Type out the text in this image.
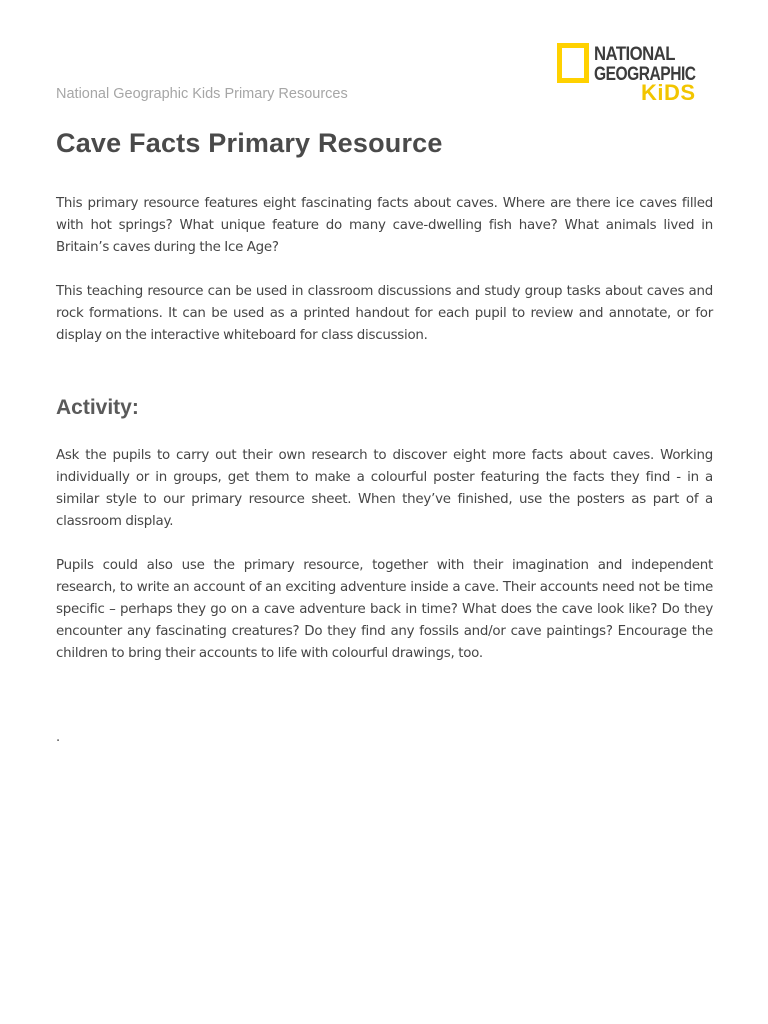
National Geographic Kids Primary Resources

NATIONAL
GEOGRAPHIC
KiDS
Cave Facts Primary Resource

This primary resource features eight fascinating facts about caves. Where are there ice caves filled with hot springs? What unique feature do many cave-dwelling fish have? What animals lived in Britain’s caves during the Ice Age?

This teaching resource can be used in classroom discussions and study group tasks about caves and rock formations. It can be used as a printed handout for each pupil to review and annotate, or for display on the interactive whiteboard for class discussion.

Activity:

Ask the pupils to carry out their own research to discover eight more facts about caves. Working individually or in groups, get them to make a colourful poster featuring the facts they find - in a similar style to our primary resource sheet. When they’ve finished, use the posters as part of a classroom display.

Pupils could also use the primary resource, together with their imagination and independent research, to write an account of an exciting adventure inside a cave. Their accounts need not be time specific – perhaps they go on a cave adventure back in time? What does the cave look like? Do they encounter any fascinating creatures? Do they find any fossils and/or cave paintings? Encourage the children to bring their accounts to life with colourful drawings, too.

.
